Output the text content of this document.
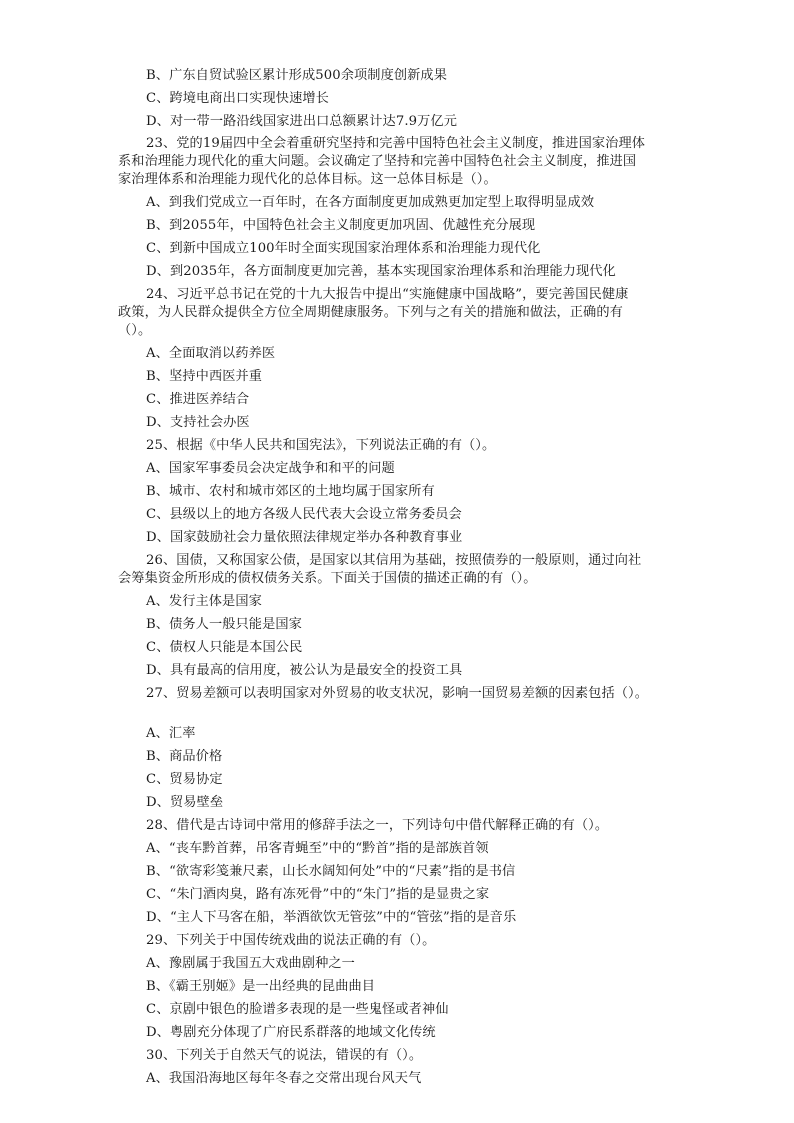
B、广东自贸试验区累计形成500余项制度创新成果
C、跨境电商出口实现快速增长
D、对一带一路沿线国家进出口总额累计达7.9万亿元
23、党的19届四中全会着重研究坚持和完善中国特色社会主义制度，推进国家治理体
系和治理能力现代化的重大问题。会议确定了坚持和完善中国特色社会主义制度，推进国
家治理体系和治理能力现代化的总体目标。这一总体目标是（）。
A、到我们党成立一百年时，在各方面制度更加成熟更加定型上取得明显成效
B、到2055年，中国特色社会主义制度更加巩固、优越性充分展现
C、到新中国成立100年时全面实现国家治理体系和治理能力现代化
D、到2035年，各方面制度更加完善，基本实现国家治理体系和治理能力现代化
24、习近平总书记在党的十九大报告中提出“实施健康中国战略”，要完善国民健康
政策，为人民群众提供全方位全周期健康服务。下列与之有关的措施和做法，正确的有
（）。
A、全面取消以药养医
B、坚持中西医并重
C、推进医养结合
D、支持社会办医
25、根据《中华人民共和国宪法》，下列说法正确的有（）。
A、国家军事委员会决定战争和和平的问题
B、城市、农村和城市郊区的土地均属于国家所有
C、县级以上的地方各级人民代表大会设立常务委员会
D、国家鼓励社会力量依照法律规定举办各种教育事业
26、国债，又称国家公债，是国家以其信用为基础，按照债券的一般原则，通过向社
会筹集资金所形成的债权债务关系。下面关于国债的描述正确的有（）。
A、发行主体是国家
B、债务人一般只能是国家
C、债权人只能是本国公民
D、具有最高的信用度，被公认为是最安全的投资工具
27、贸易差额可以表明国家对外贸易的收支状况，影响一国贸易差额的因素包括（）。
A、汇率
B、商品价格
C、贸易协定
D、贸易壁垒
28、借代是古诗词中常用的修辞手法之一，下列诗句中借代解释正确的有（）。
A、“丧车黔首葬，吊客青蝇至”中的“黔首”指的是部族首领
B、“欲寄彩笺兼尺素，山长水阔知何处”中的“尺素”指的是书信
C、“朱门酒肉臭，路有冻死骨”中的“朱门”指的是显贵之家
D、“主人下马客在船，举酒欲饮无管弦”中的“管弦”指的是音乐
29、下列关于中国传统戏曲的说法正确的有（）。
A、豫剧属于我国五大戏曲剧种之一
B、《霸王别姬》是一出经典的昆曲曲目
C、京剧中银色的脸谱多表现的是一些鬼怪或者神仙
D、粤剧充分体现了广府民系群落的地域文化传统
30、下列关于自然天气的说法，错误的有（）。
A、我国沿海地区每年冬春之交常出现台风天气
